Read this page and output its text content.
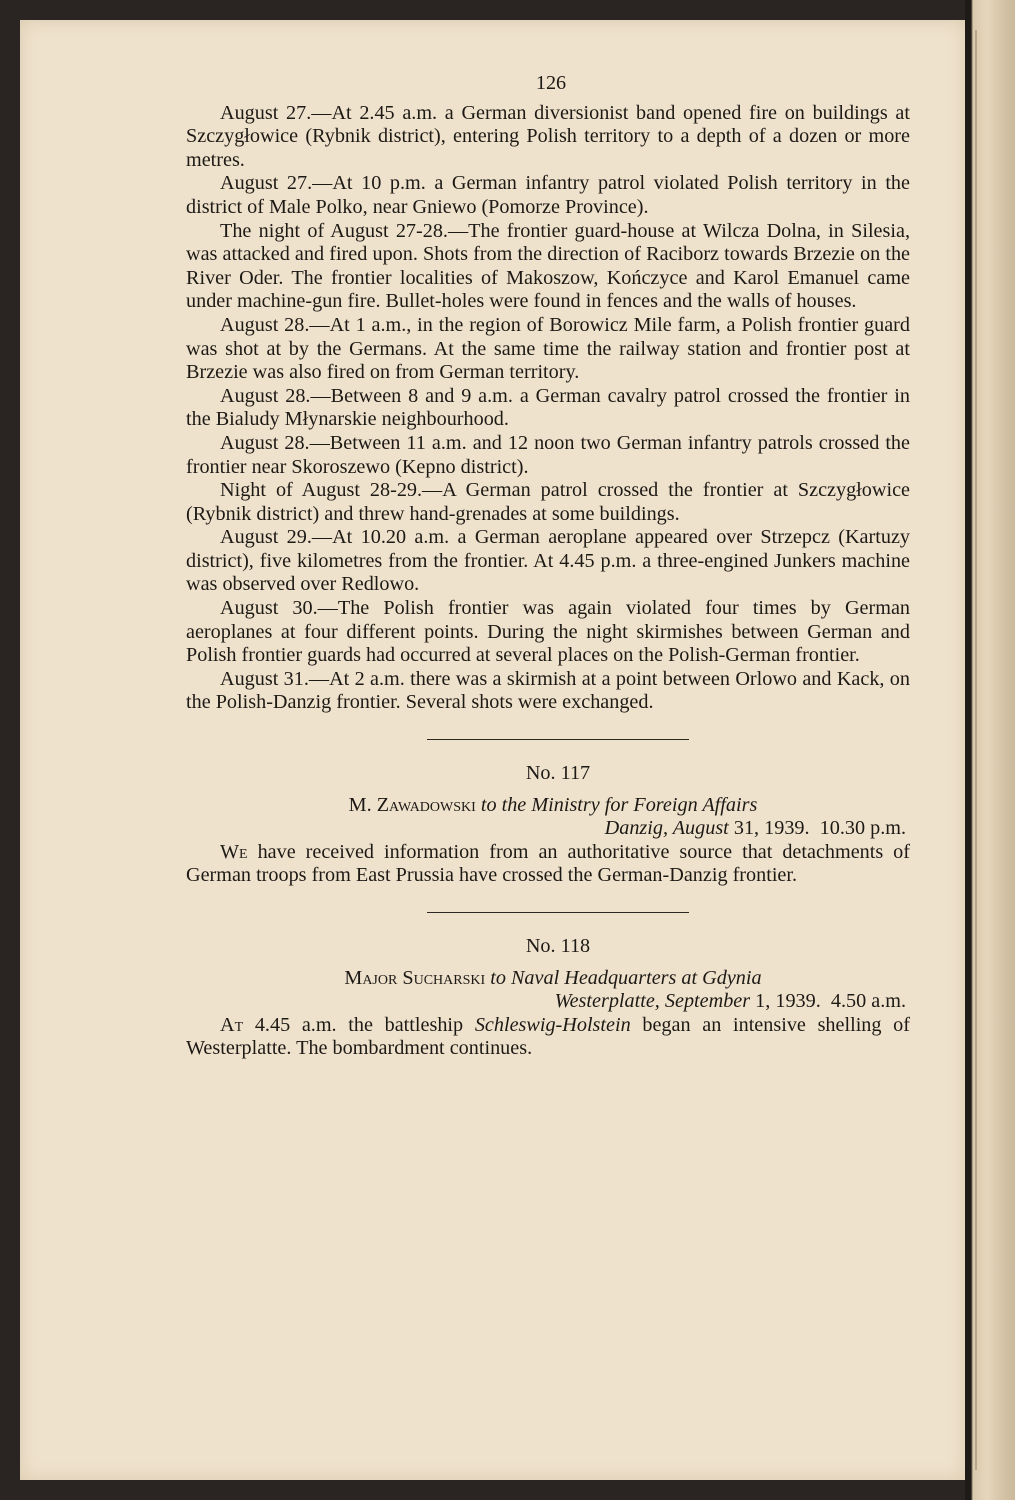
126

August 27.—At 2.45 a.m. a German diversionist band opened fire on buildings at Szczygłowice (Rybnik district), entering Polish territory to a depth of a dozen or more metres.

August 27.—At 10 p.m. a German infantry patrol violated Polish territory in the district of Male Polko, near Gniewo (Pomorze Province).

The night of August 27-28.—The frontier guard-house at Wilcza Dolna, in Silesia, was attacked and fired upon. Shots from the direction of Raciborz towards Brzezie on the River Oder. The frontier localities of Makoszow, Kończyce and Karol Emanuel came under machine-gun fire. Bullet-holes were found in fences and the walls of houses.

August 28.—At 1 a.m., in the region of Borowicz Mile farm, a Polish frontier guard was shot at by the Germans. At the same time the railway station and frontier post at Brzezie was also fired on from German territory.

August 28.—Between 8 and 9 a.m. a German cavalry patrol crossed the frontier in the Bialudy Młynarskie neighbourhood.

August 28.—Between 11 a.m. and 12 noon two German infantry patrols crossed the frontier near Skoroszewo (Kepno district).

Night of August 28-29.—A German patrol crossed the frontier at Szczygłowice (Rybnik district) and threw hand-grenades at some buildings.

August 29.—At 10.20 a.m. a German aeroplane appeared over Strzepcz (Kartuzy district), five kilometres from the frontier. At 4.45 p.m. a three-engined Junkers machine was observed over Redlowo.

August 30.—The Polish frontier was again violated four times by German aeroplanes at four different points. During the night skirmishes between German and Polish frontier guards had occurred at several places on the Polish-German frontier.

August 31.—At 2 a.m. there was a skirmish at a point between Orlowo and Kack, on the Polish-Danzig frontier. Several shots were exchanged.

No. 117
M. Zawadowski to the Ministry for Foreign Affairs
Danzig, August 31, 1939. 10.30 p.m.

We have received information from an authoritative source that detachments of German troops from East Prussia have crossed the German-Danzig frontier.

No. 118
Major Sucharski to Naval Headquarters at Gdynia
Westerplatte, September 1, 1939. 4.50 a.m.

At 4.45 a.m. the battleship Schleswig-Holstein began an intensive shelling of Westerplatte. The bombardment continues.
